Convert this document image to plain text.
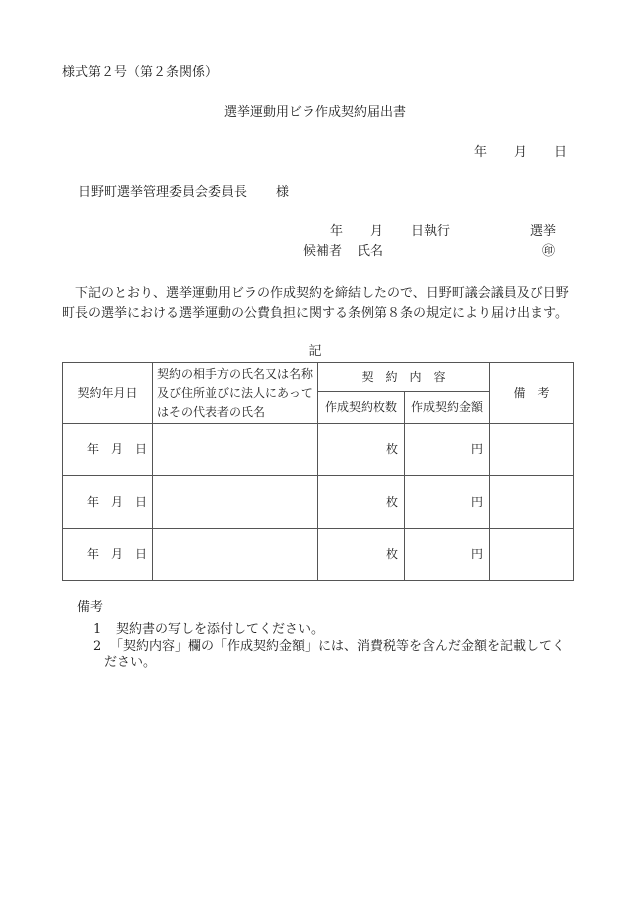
様式第２号（第２条関係）
選挙運動用ビラ作成契約届出書
年 月 日
日野町選挙管理委員会委員長 様
年 月 日執行	選挙
候補者 氏名	㊞
下記のとおり、選挙運動用ビラの作成契約を締結したので、日野町議会議員及び日野町長の選挙における選挙運動の公費負担に関する条例第８条の規定により届け出ます。
記
契約年月日	契約の相手方の氏名又は名称及び住所並びに法人にあってはその代表者の氏名	契　約　内　容		備　考
		作成契約枚数	作成契約金額	
年 月 日		枚	円	
年 月 日		枚	円	
年 月 日		枚	円	
備考
1 契約書の写しを添付してください。
2 「契約内容」欄の「作成契約金額」には、消費税等を含んだ金額を記載してください。
